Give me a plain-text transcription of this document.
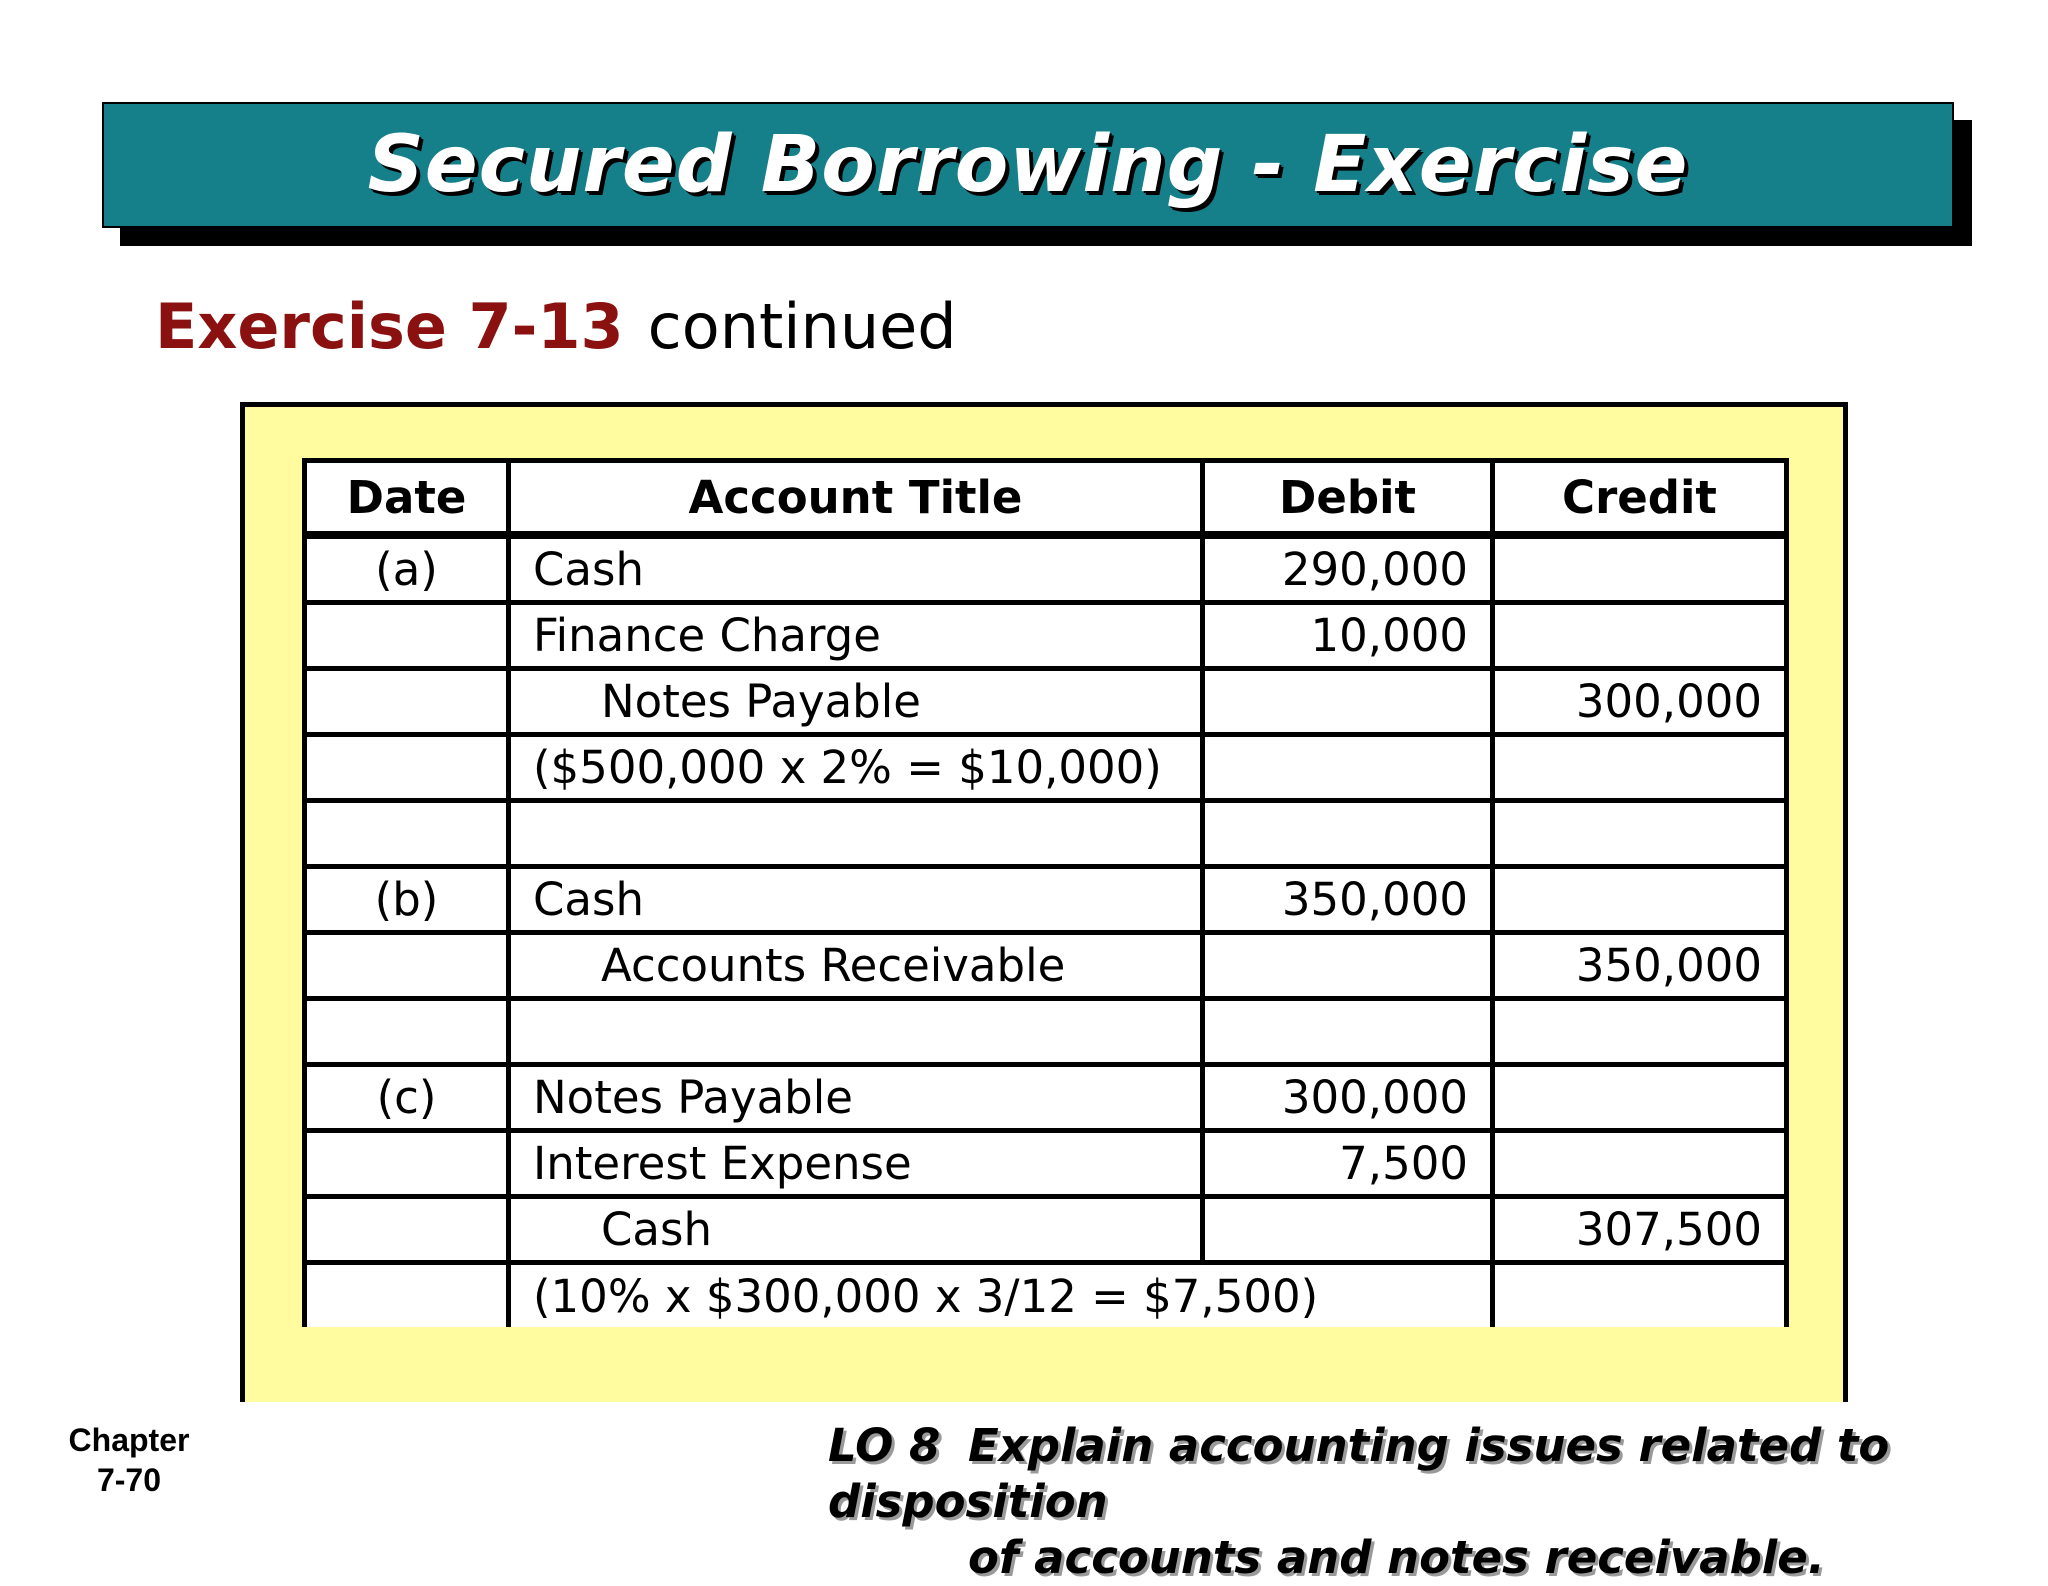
Secured Borrowing - Exercise
Exercise 7-13 continued
Date	Account Title	Debit	Credit
(a)	Cash	290,000	
	Finance Charge	10,000	
	Notes Payable		300,000
	($500,000 x 2% = $10,000)		

(b)	Cash	350,000	
	Accounts Receivable		350,000

(c)	Notes Payable	300,000	
	Interest Expense	7,500	
	Cash		307,500
	(10% x $300,000 x 3/12 = $7,500)		
Chapter
7-70
LO 8 Explain accounting issues related to disposition
of accounts and notes receivable.
